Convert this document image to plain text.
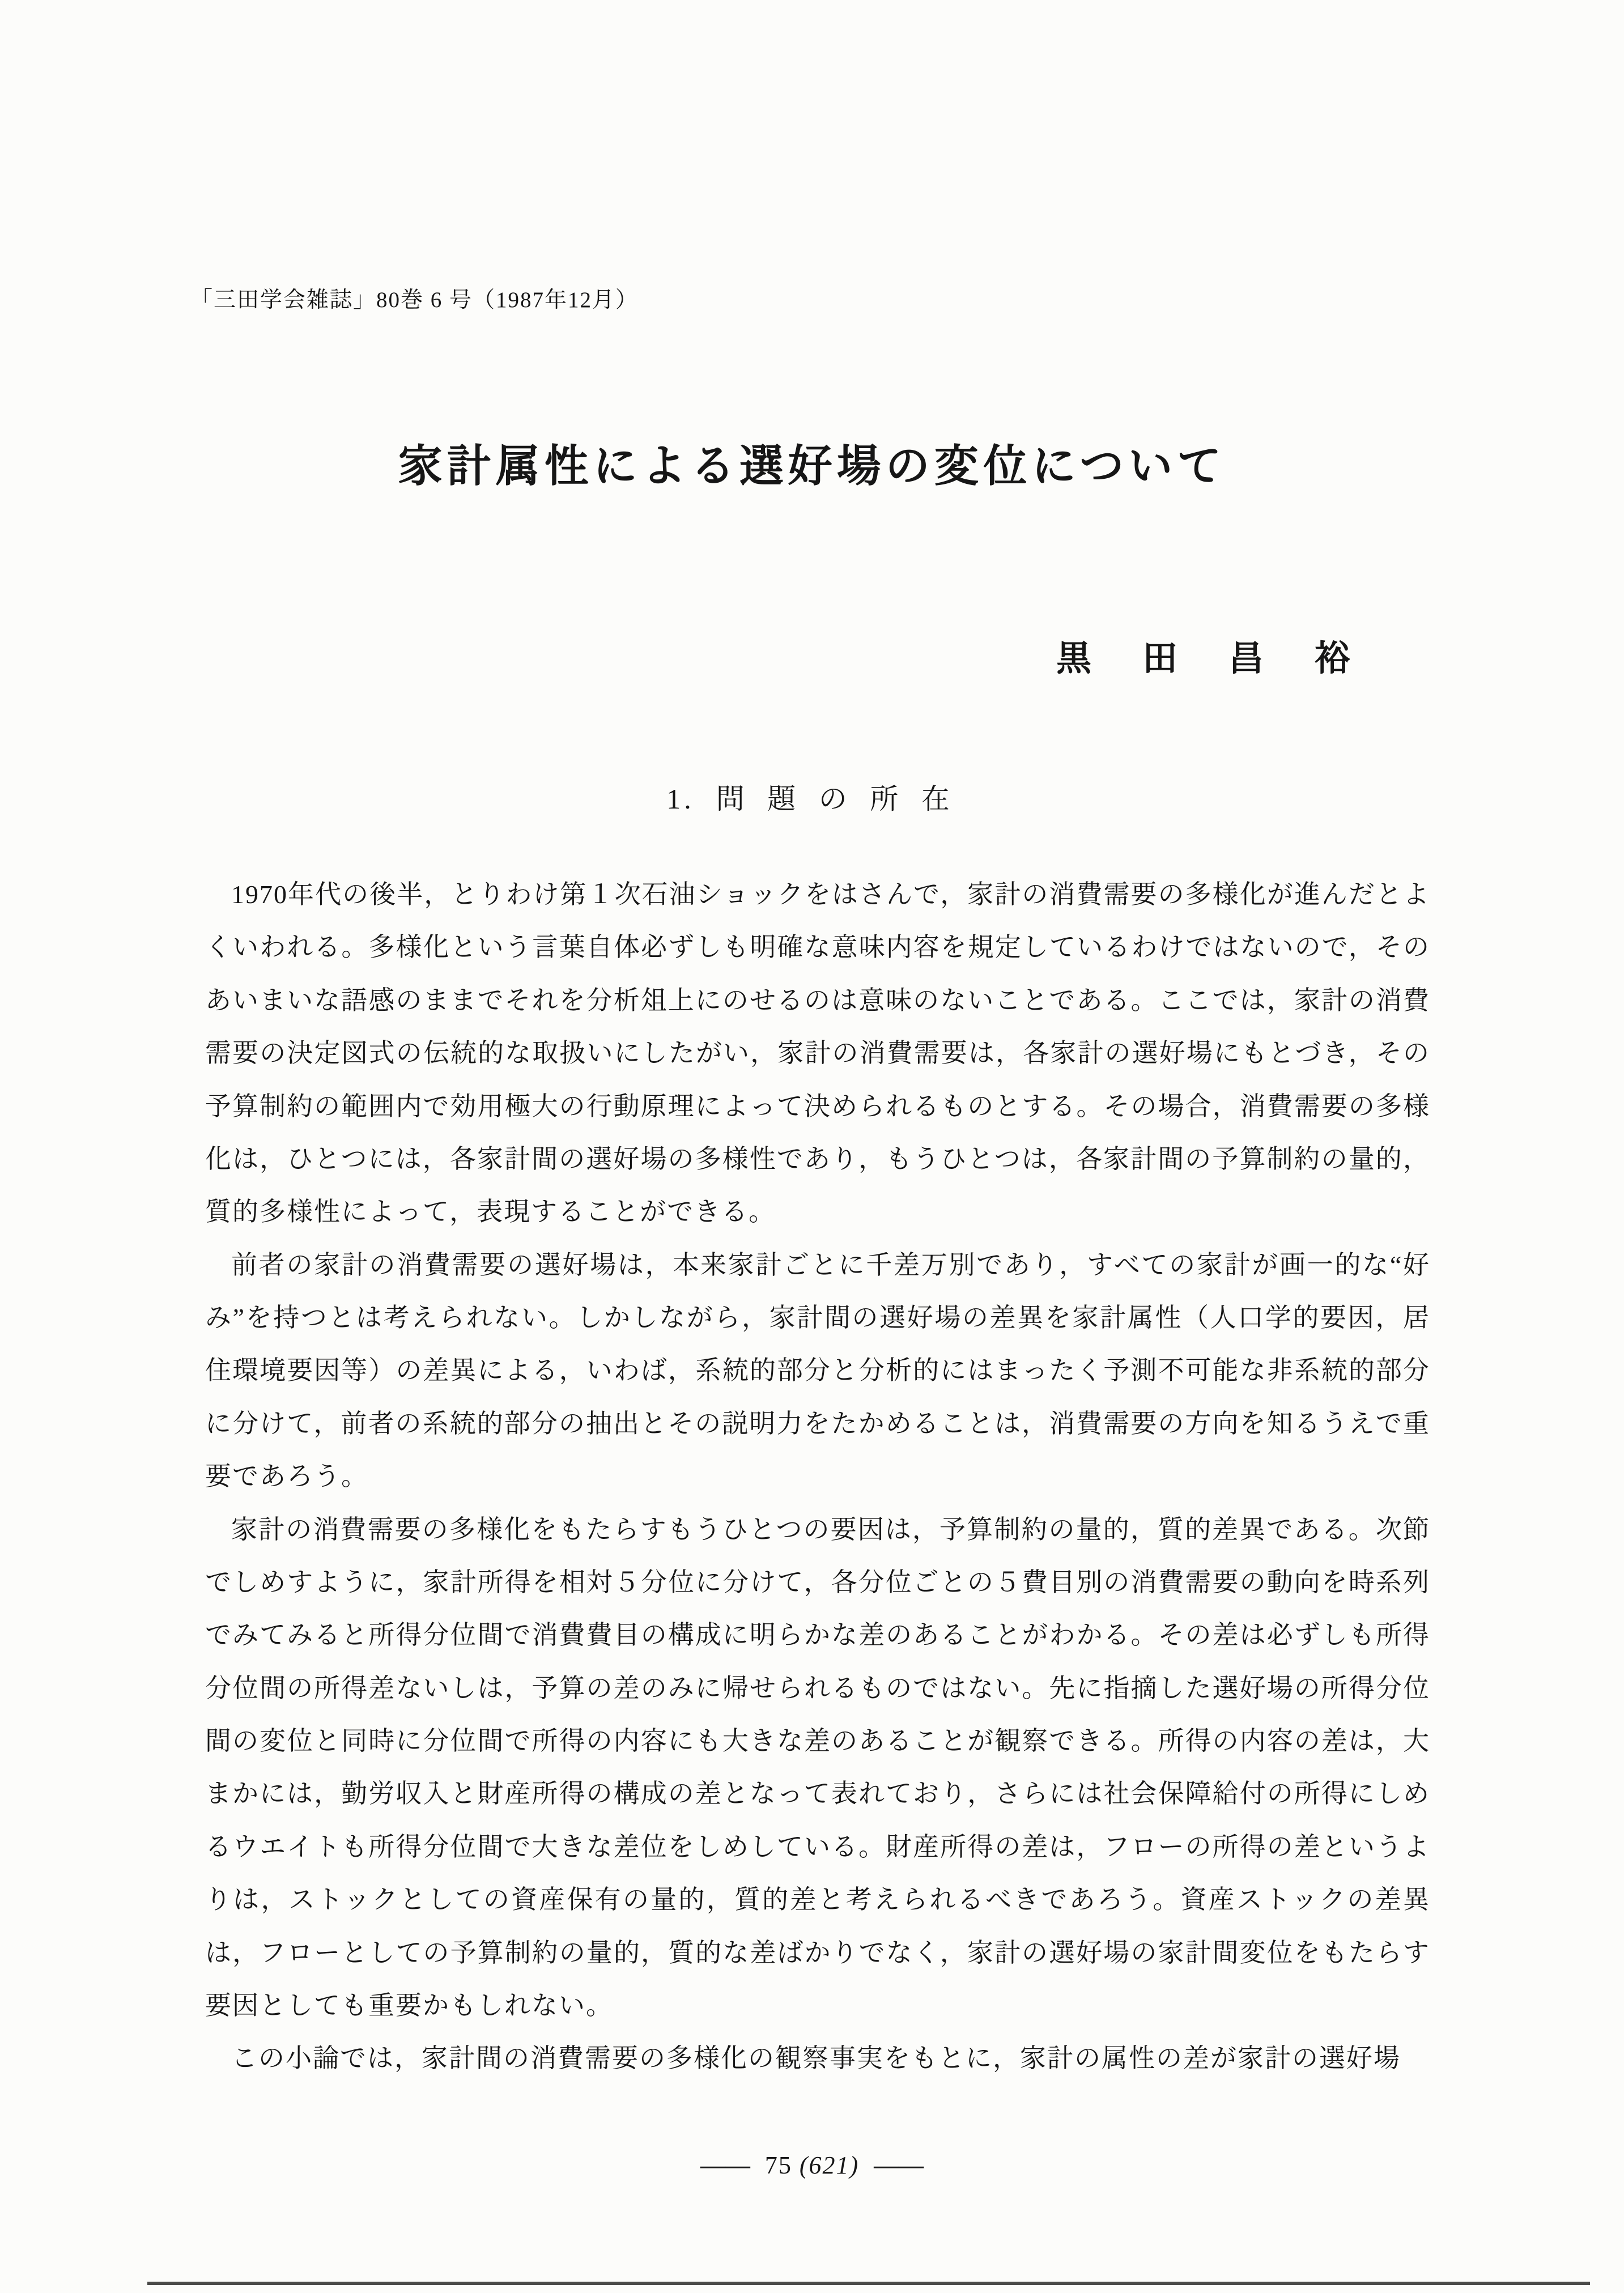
「三田学会雑誌」80巻 6 号（1987年12月）
家計属性による選好場の変位について
黒　田　昌　裕
1. 問 題 の 所 在

1970年代の後半，とりわけ第１次石油ショックをはさんで，家計の消費需要の多様化が進んだとよくいわれる。多様化という言葉自体必ずしも明確な意味内容を規定しているわけではないので，そのあいまいな語感のままでそれを分析俎上にのせるのは意味のないことである。ここでは，家計の消費需要の決定図式の伝統的な取扱いにしたがい，家計の消費需要は，各家計の選好場にもとづき，その予算制約の範囲内で効用極大の行動原理によって決められるものとする。その場合，消費需要の多様化は，ひとつには，各家計間の選好場の多様性であり，もうひとつは，各家計間の予算制約の量的，質的多様性によって，表現することができる。

前者の家計の消費需要の選好場は，本来家計ごとに千差万別であり，すべての家計が画一的な“好み”を持つとは考えられない。しかしながら，家計間の選好場の差異を家計属性（人口学的要因，居住環境要因等）の差異による，いわば，系統的部分と分析的にはまったく予測不可能な非系統的部分に分けて，前者の系統的部分の抽出とその説明力をたかめることは，消費需要の方向を知るうえで重要であろう。

家計の消費需要の多様化をもたらすもうひとつの要因は，予算制約の量的，質的差異である。次節でしめすように，家計所得を相対５分位に分けて，各分位ごとの５費目別の消費需要の動向を時系列でみてみると所得分位間で消費費目の構成に明らかな差のあることがわかる。その差は必ずしも所得分位間の所得差ないしは，予算の差のみに帰せられるものではない。先に指摘した選好場の所得分位間の変位と同時に分位間で所得の内容にも大きな差のあることが観察できる。所得の内容の差は，大まかには，勤労収入と財産所得の構成の差となって表れており，さらには社会保障給付の所得にしめるウエイトも所得分位間で大きな差位をしめしている。財産所得の差は，フローの所得の差というよりは，ストックとしての資産保有の量的，質的差と考えられるべきであろう。資産ストックの差異は，フローとしての予算制約の量的，質的な差ばかりでなく，家計の選好場の家計間変位をもたらす要因としても重要かもしれない。

この小論では，家計間の消費需要の多様化の観察事実をもとに，家計の属性の差が家計の選好場

―― 75 (621) ――
